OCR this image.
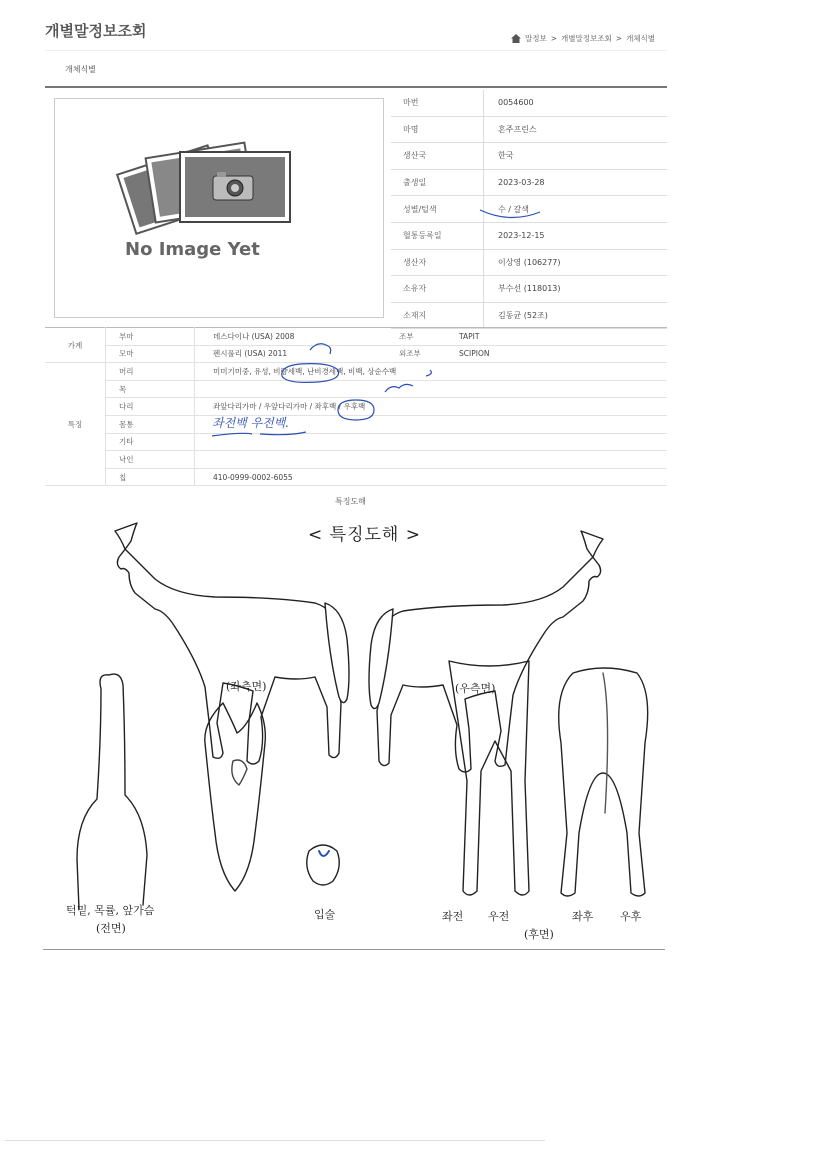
개별말정보조회	말정보 > 개별말정보조회 > 개체식별
개체식별
No Image Yet
마번	0054600
마명	혼주프린스
생산국	한국
출생일	2023-03-28
성별/털색	수 / 갈색
혈통등록일	2023-12-15
생산자	이상영 (106277)
소유자	부수선 (118013)
소재지	김동균 (52조)
가계	부마	데스다이나 (USA) 2008	조부	TAPIT
	모마	펜시풀리 (USA) 2011	외조부	SCIPION
특징	머리	미미기미중, 유성, 비량세백, 난비경세백, 비백, 상순수백		
	목			
	다리	좌앞다리가마 / 우앞다리가마 / 좌후백 / 우후백		
	몸통			
	기타			
	낙인			
	칩	410-0999-0002-6055		
좌전백 우전백.
특징도해
< 특징도해 >
(좌측면)	(우측면)
턱밑, 목률, 앞가슴
(전면)
입술	좌전 우전	좌후 우후
(후면)
